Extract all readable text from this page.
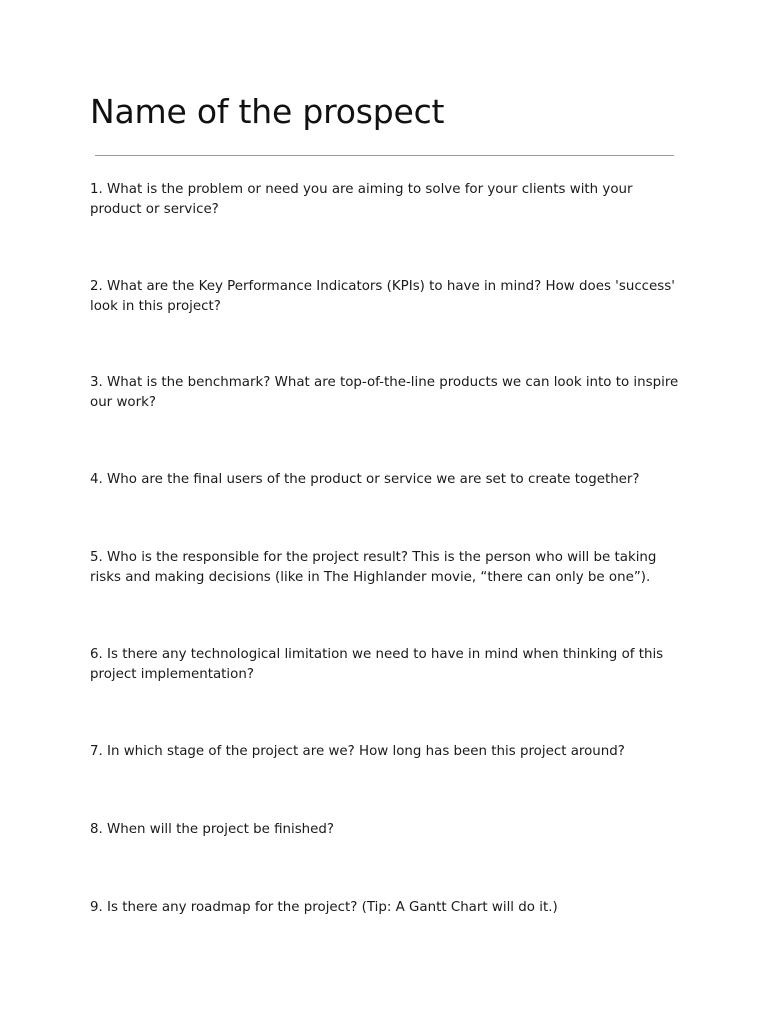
Name of the prospect

1. What is the problem or need you are aiming to solve for your clients with your product or service?

2. What are the Key Performance Indicators (KPIs) to have in mind? How does 'success' look in this project?

3. What is the benchmark? What are top-of-the-line products we can look into to inspire our work?

4. Who are the final users of the product or service we are set to create together?

5. Who is the responsible for the project result? This is the person who will be taking risks and making decisions (like in The Highlander movie, “there can only be one”).

6. Is there any technological limitation we need to have in mind when thinking of this project implementation?

7. In which stage of the project are we? How long has been this project around?

8. When will the project be finished?

9. Is there any roadmap for the project? (Tip: A Gantt Chart will do it.)
